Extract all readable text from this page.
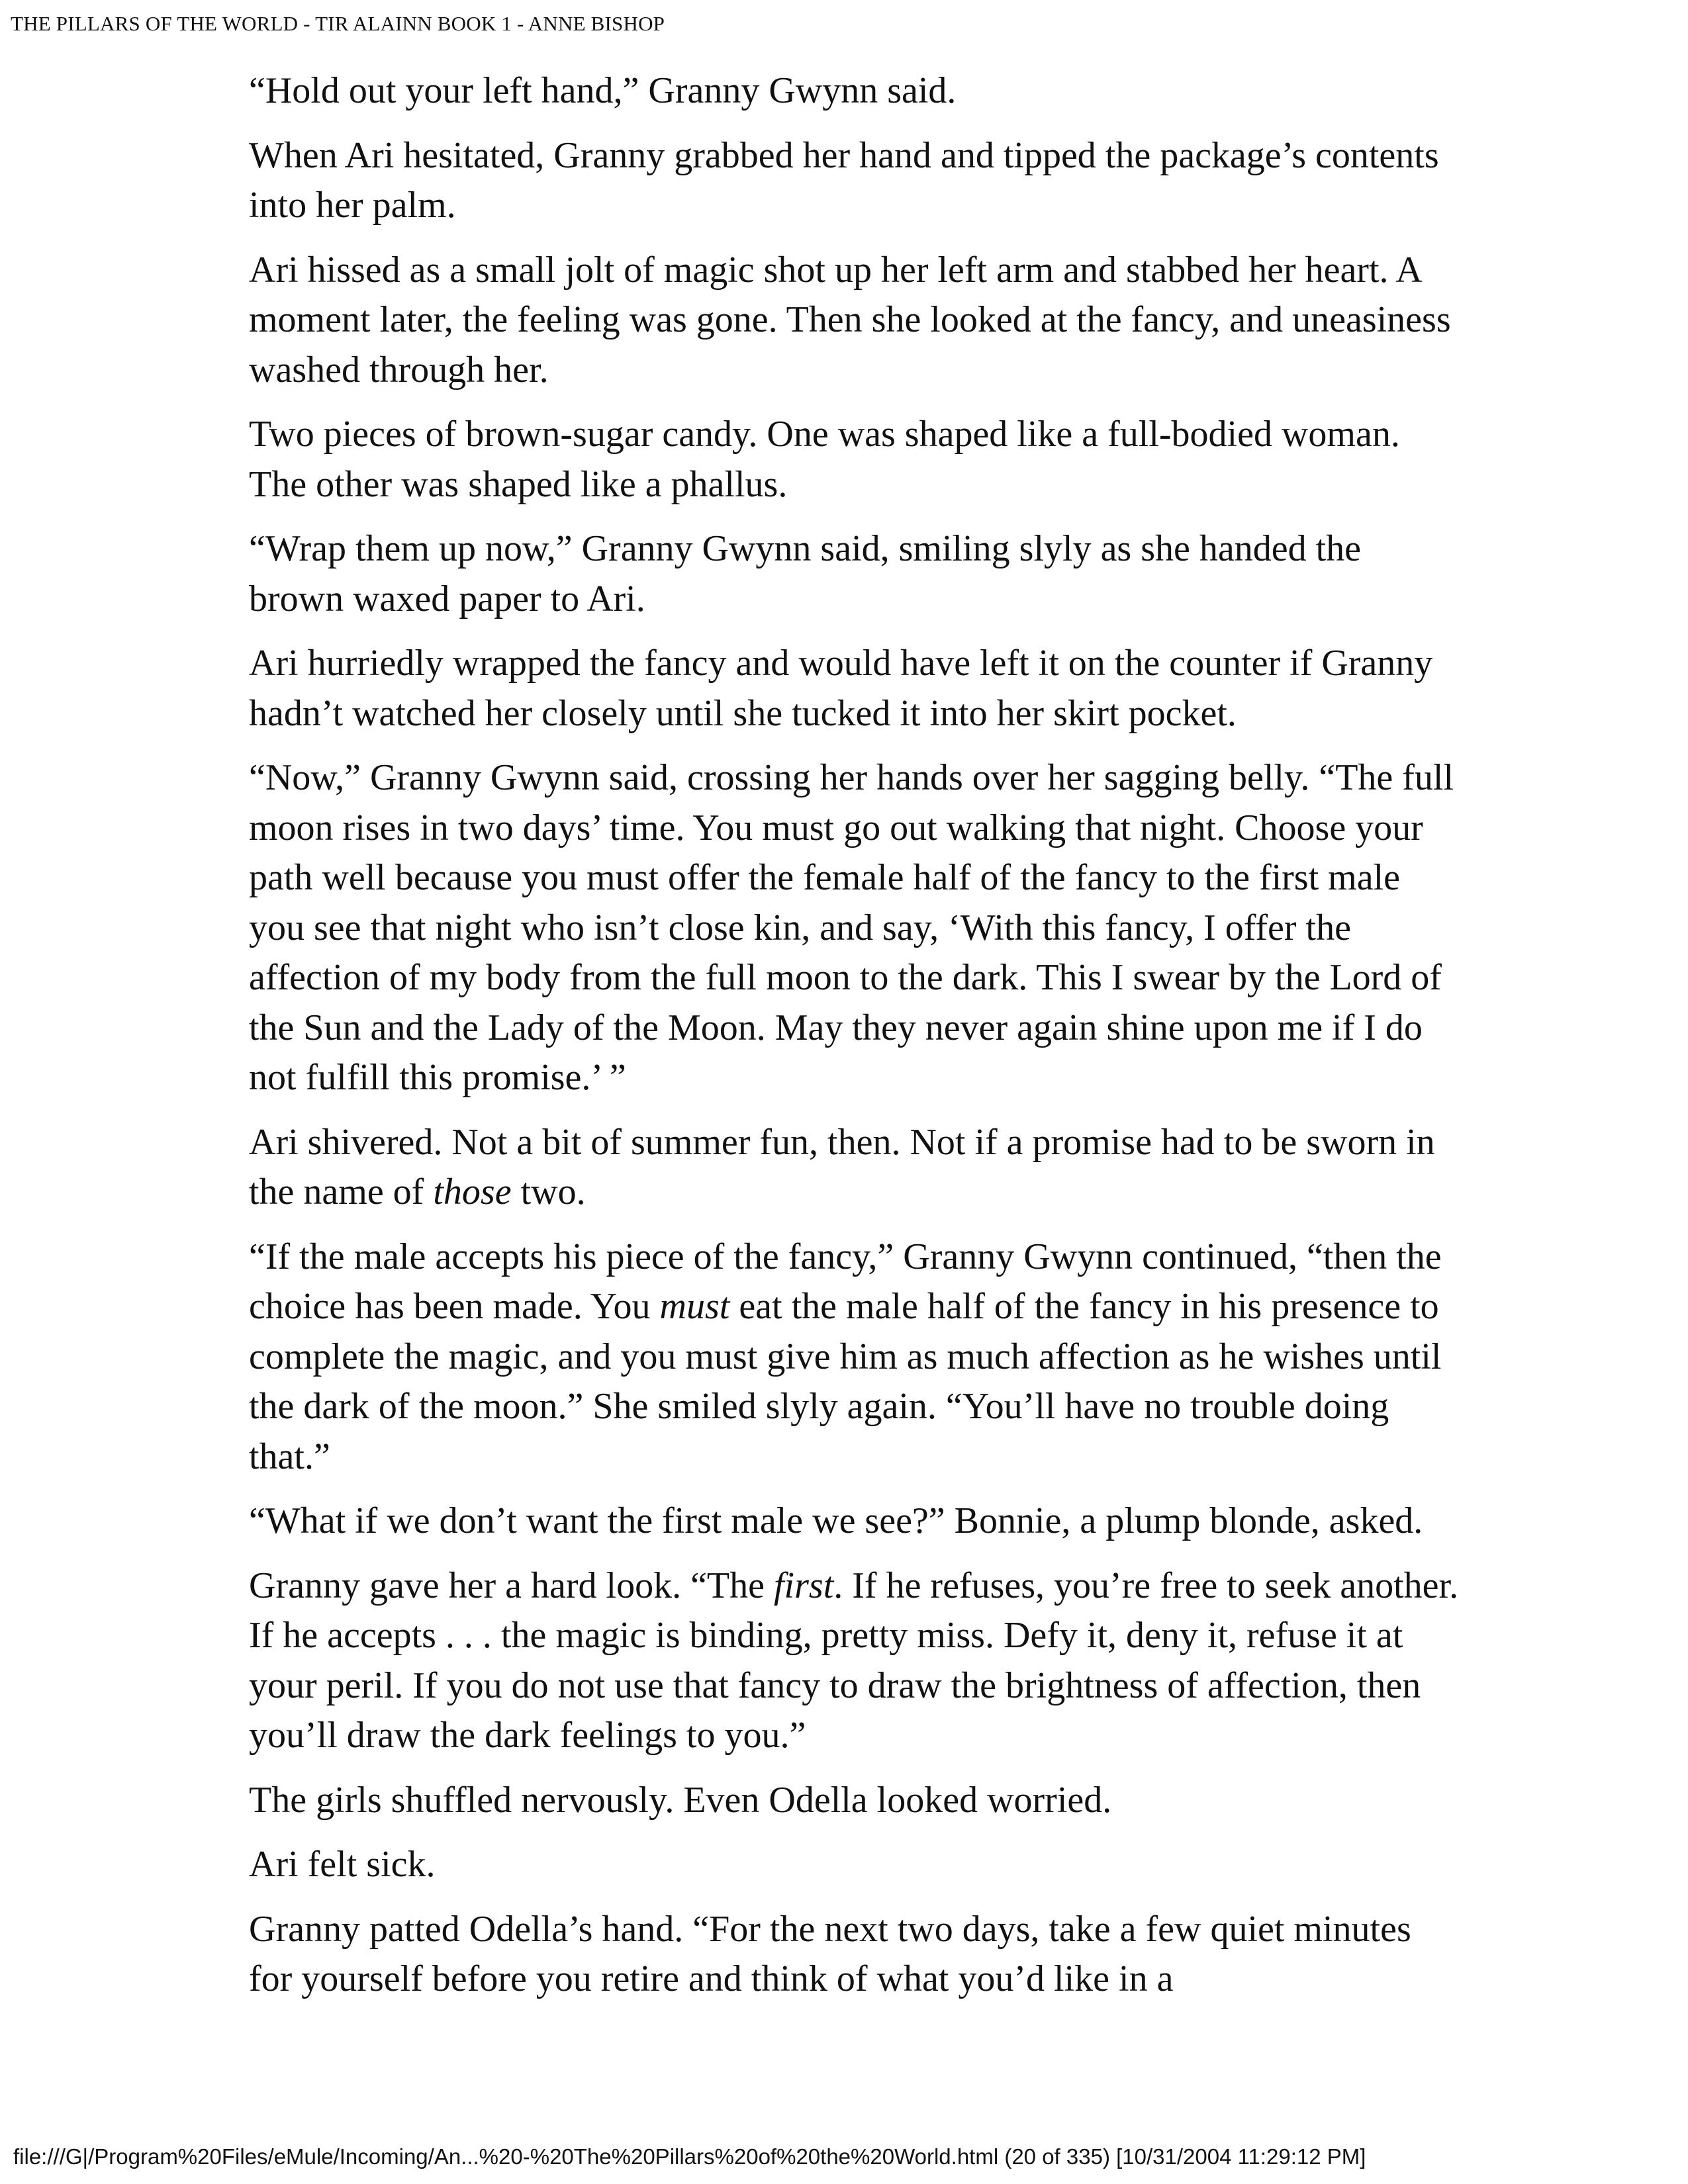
THE PILLARS OF THE WORLD - TIR ALAINN BOOK 1 - ANNE BISHOP

“Hold out your left hand,” Granny Gwynn said.

When Ari hesitated, Granny grabbed her hand and tipped the package’s contents into her palm.

Ari hissed as a small jolt of magic shot up her left arm and stabbed her heart. A moment later, the feeling was gone. Then she looked at the fancy, and uneasiness washed through her.

Two pieces of brown-sugar candy. One was shaped like a full-bodied woman. The other was shaped like a phallus.

“Wrap them up now,” Granny Gwynn said, smiling slyly as she handed the brown waxed paper to Ari.

Ari hurriedly wrapped the fancy and would have left it on the counter if Granny hadn’t watched her closely until she tucked it into her skirt pocket.

“Now,” Granny Gwynn said, crossing her hands over her sagging belly. “The full moon rises in two days’ time. You must go out walking that night. Choose your path well because you must offer the female half of the fancy to the first male you see that night who isn’t close kin, and say, ‘With this fancy, I offer the affection of my body from the full moon to the dark. This I swear by the Lord of the Sun and the Lady of the Moon. May they never again shine upon me if I do not fulfill this promise.’ ”

Ari shivered. Not a bit of summer fun, then. Not if a promise had to be sworn in the name of those two.

“If the male accepts his piece of the fancy,” Granny Gwynn continued, “then the choice has been made. You must eat the male half of the fancy in his presence to complete the magic, and you must give him as much affection as he wishes until the dark of the moon.” She smiled slyly again. “You’ll have no trouble doing that.”

“What if we don’t want the first male we see?” Bonnie, a plump blonde, asked.

Granny gave her a hard look. “The first. If he refuses, you’re free to seek another. If he accepts . . . the magic is binding, pretty miss. Defy it, deny it, refuse it at your peril. If you do not use that fancy to draw the brightness of affection, then you’ll draw the dark feelings to you.”

The girls shuffled nervously. Even Odella looked worried.

Ari felt sick.

Granny patted Odella’s hand. “For the next two days, take a few quiet minutes for yourself before you retire and think of what you’d like in a

file:///G|/Program%20Files/eMule/Incoming/An...%20-%20The%20Pillars%20of%20the%20World.html (20 of 335) [10/31/2004 11:29:12 PM]
